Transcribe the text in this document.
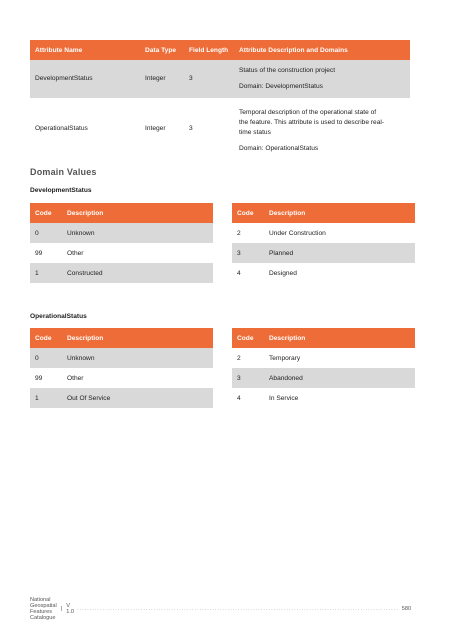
Attribute Name	Data Type	Field Length	Attribute Description and Domains
DevelopmentStatus	Integer	3	Status of the construction project
Domain: DevelopmentStatus

OperationalStatus	Integer	3	Temporal description of the operational state of
the feature. This attribute is used to describe real-
time status
Domain: OperationalStatus
Domain Values
DevelopmentStatus
Code	Description
0	Unknown
99	Other
1	Constructed
Code	Description
2	Under Construction
3	Planned
4	Designed
OperationalStatus
Code	Description
0	Unknown
99	Other
1	Out Of Service
Code	Description
2	Temporary
3	Abandoned
4	In Service
National Geospatial Features Catalogue
| V 1.0 .............................................................................................................................. 580
